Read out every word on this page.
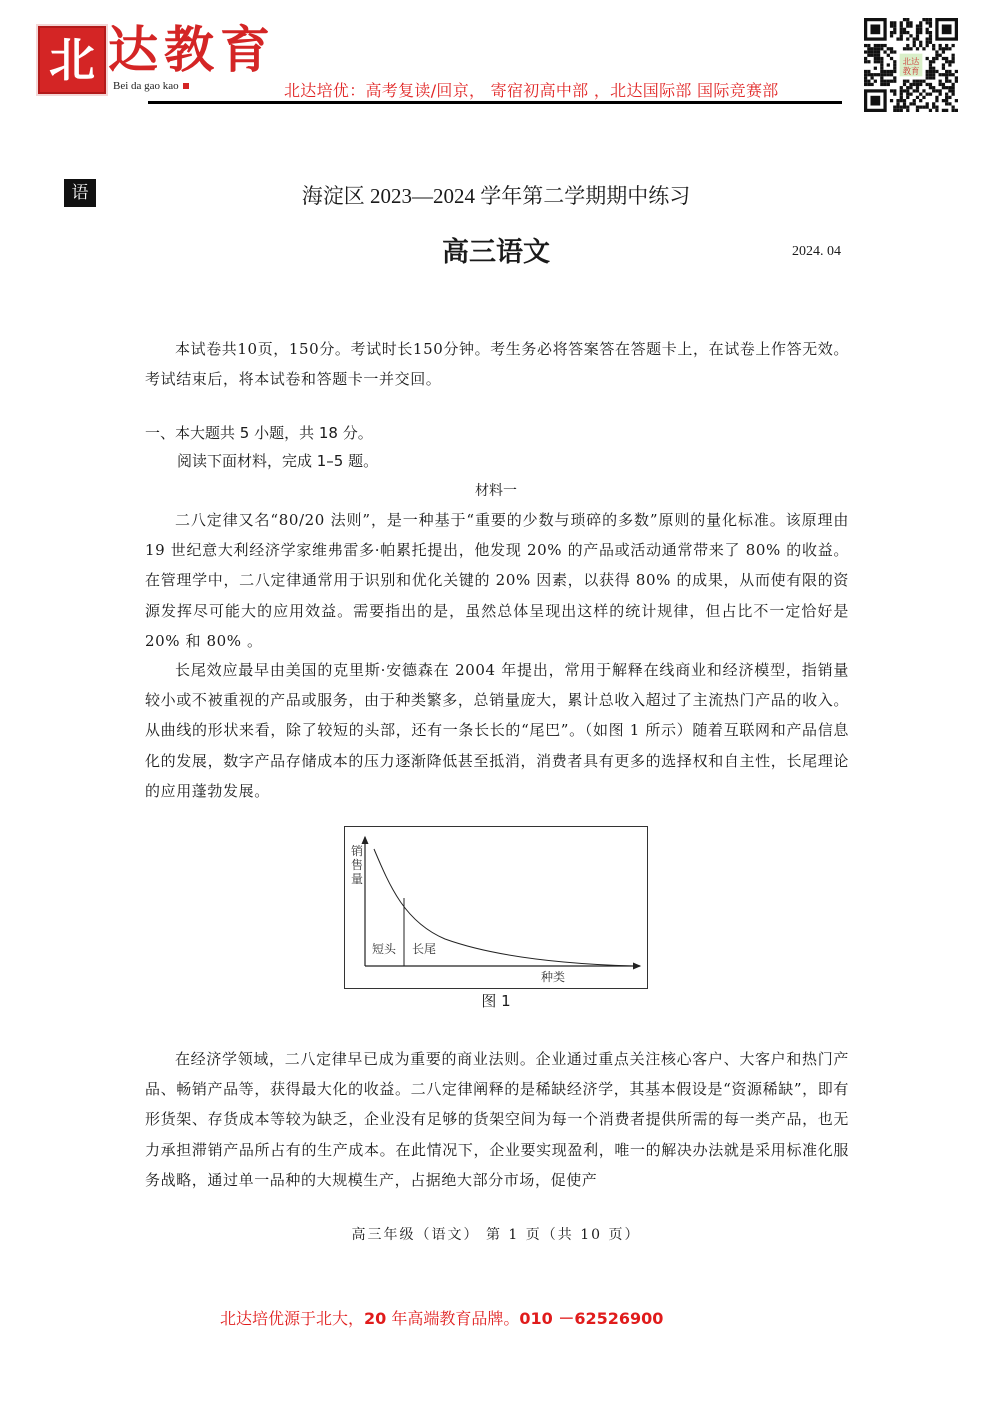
北 达教育
Bei da gao kao	北达培优：高考复读/回京， 寄宿初高中部 ，北达国际部 国际竞赛部
北达
教育
语	海淀区 2023—2024 学年第二学期期中练习
高三语文	2024. 04
本试卷共10页，150分。考试时长150分钟。考生务必将答案答在答题卡上，在试卷上作答无效。考试结束后，将本试卷和答题卡一并交回。
一、本大题共 5 小题，共 18 分。
阅读下面材料，完成 1–5 题。
材料一
二八定律又名“80/20 法则”，是一种基于“重要的少数与琐碎的多数”原则的量化标准。该原理由 19 世纪意大利经济学家维弗雷多·帕累托提出，他发现 20% 的产品或活动通常带来了 80% 的收益。在管理学中，二八定律通常用于识别和优化关键的 20% 因素，以获得 80% 的成果，从而使有限的资源发挥尽可能大的应用效益。需要指出的是，虽然总体呈现出这样的统计规律，但占比不一定恰好是 20% 和 80% 。
长尾效应最早由美国的克里斯·安德森在 2004 年提出，常用于解释在线商业和经济模型，指销量较小或不被重视的产品或服务，由于种类繁多，总销量庞大，累计总收入超过了主流热门产品的收入。从曲线的形状来看，除了较短的头部，还有一条长长的“尾巴”。（如图 1 所示）随着互联网和产品信息化的发展，数字产品存储成本的压力逐渐降低甚至抵消，消费者具有更多的选择权和自主性，长尾理论的应用蓬勃发展。
销
售
量
短头 长尾
种类
图 1
在经济学领域，二八定律早已成为重要的商业法则。企业通过重点关注核心客户、大客户和热门产品、畅销产品等，获得最大化的收益。二八定律阐释的是稀缺经济学，其基本假设是“资源稀缺”，即有形货架、存货成本等较为缺乏，企业没有足够的货架空间为每一个消费者提供所需的每一类产品，也无力承担滞销产品所占有的生产成本。在此情况下，企业要实现盈利，唯一的解决办法就是采用标准化服务战略，通过单一品种的大规模生产，占据绝大部分市场，促使产
高三年级（语文） 第 1 页（共 10 页）
北达培优源于北大，20 年高端教育品牌。010 －62526900
